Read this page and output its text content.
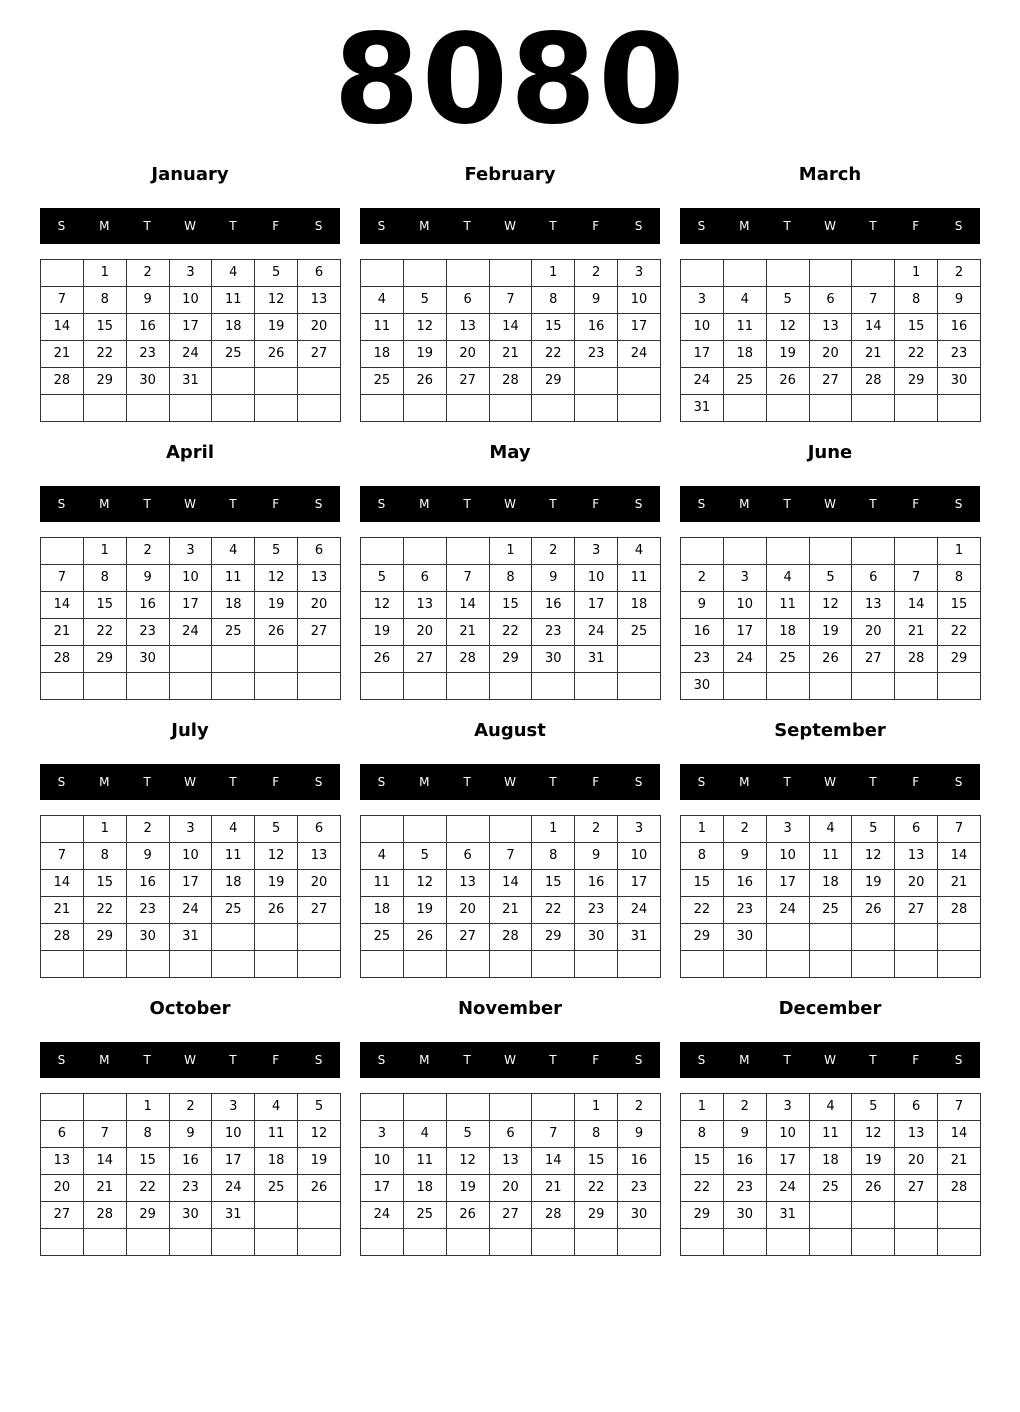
8080
January
S	M	T	W	T	F	S
	1	2	3	4	5	6
7	8	9	10	11	12	13
14	15	16	17	18	19	20
21	22	23	24	25	26	27
28	29	30	31			

February
S	M	T	W	T	F	S
				1	2	3
4	5	6	7	8	9	10
11	12	13	14	15	16	17
18	19	20	21	22	23	24
25	26	27	28	29		

March
S	M	T	W	T	F	S
					1	2
3	4	5	6	7	8	9
10	11	12	13	14	15	16
17	18	19	20	21	22	23
24	25	26	27	28	29	30
31						
April
S	M	T	W	T	F	S
	1	2	3	4	5	6
7	8	9	10	11	12	13
14	15	16	17	18	19	20
21	22	23	24	25	26	27
28	29	30				

May
S	M	T	W	T	F	S
			1	2	3	4
5	6	7	8	9	10	11
12	13	14	15	16	17	18
19	20	21	22	23	24	25
26	27	28	29	30	31	

June
S	M	T	W	T	F	S
						1
2	3	4	5	6	7	8
9	10	11	12	13	14	15
16	17	18	19	20	21	22
23	24	25	26	27	28	29
30						
July
S	M	T	W	T	F	S
	1	2	3	4	5	6
7	8	9	10	11	12	13
14	15	16	17	18	19	20
21	22	23	24	25	26	27
28	29	30	31			

August
S	M	T	W	T	F	S
				1	2	3
4	5	6	7	8	9	10
11	12	13	14	15	16	17
18	19	20	21	22	23	24
25	26	27	28	29	30	31

September
S	M	T	W	T	F	S
1	2	3	4	5	6	7
8	9	10	11	12	13	14
15	16	17	18	19	20	21
22	23	24	25	26	27	28
29	30					

October
S	M	T	W	T	F	S
		1	2	3	4	5
6	7	8	9	10	11	12
13	14	15	16	17	18	19
20	21	22	23	24	25	26
27	28	29	30	31		

November
S	M	T	W	T	F	S
					1	2
3	4	5	6	7	8	9
10	11	12	13	14	15	16
17	18	19	20	21	22	23
24	25	26	27	28	29	30

December
S	M	T	W	T	F	S
1	2	3	4	5	6	7
8	9	10	11	12	13	14
15	16	17	18	19	20	21
22	23	24	25	26	27	28
29	30	31				
